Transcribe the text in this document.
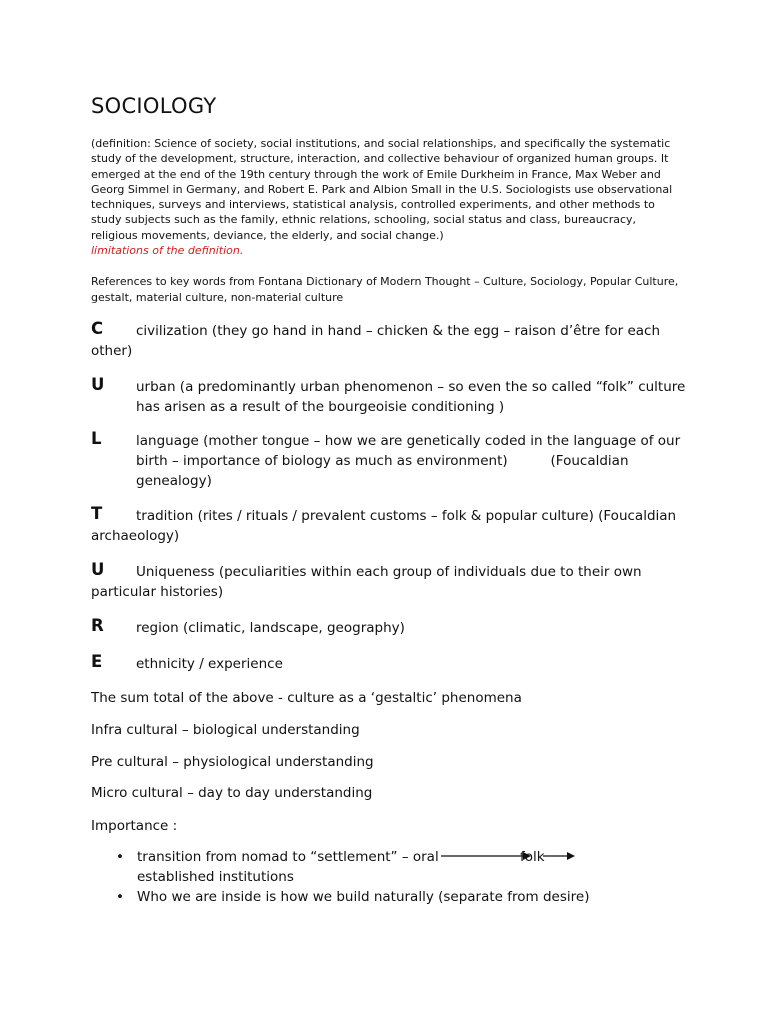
SOCIOLOGY
(definition: Science of society, social institutions, and social relationships, and specifically the systematic study of the development, structure, interaction, and collective behaviour of organized human groups. It emerged at the end of the 19th century through the work of Emile Durkheim in France, Max Weber and Georg Simmel in Germany, and Robert E. Park and Albion Small in the U.S. Sociologists use observational techniques, surveys and interviews, statistical analysis, controlled experiments, and other methods to study subjects such as the family, ethnic relations, schooling, social status and class, bureaucracy, religious movements, deviance, the elderly, and social change.)
limitations of the definition.
References to key words from Fontana Dictionary of Modern Thought – Culture, Sociology, Popular Culture, gestalt, material culture, non-material culture
C	civilization (they go hand in hand – chicken & the egg – raison d’être for each other)
U	urban (a predominantly urban phenomenon – so even the so called “folk” culture has arisen as a result of the bourgeoisie conditioning )
L	language (mother tongue – how we are genetically coded in the language of our birth – importance of biology as much as environment)          (Foucaldian genealogy)
T	tradition (rites / rituals / prevalent customs – folk & popular culture) (Foucaldian archaeology)
U	Uniqueness (peculiarities within each group of individuals due to their own particular histories)
R	region (climatic, landscape, geography)
E	ethnicity / experience
The sum total of the above - culture as a ‘gestaltic’ phenomena
Infra cultural – biological understanding
Pre cultural – physiological understanding
Micro cultural – day to day understanding
Importance :
• transition from nomad to “settlement” – oral	folk
established institutions
• Who we are inside is how we build naturally (separate from desire)
